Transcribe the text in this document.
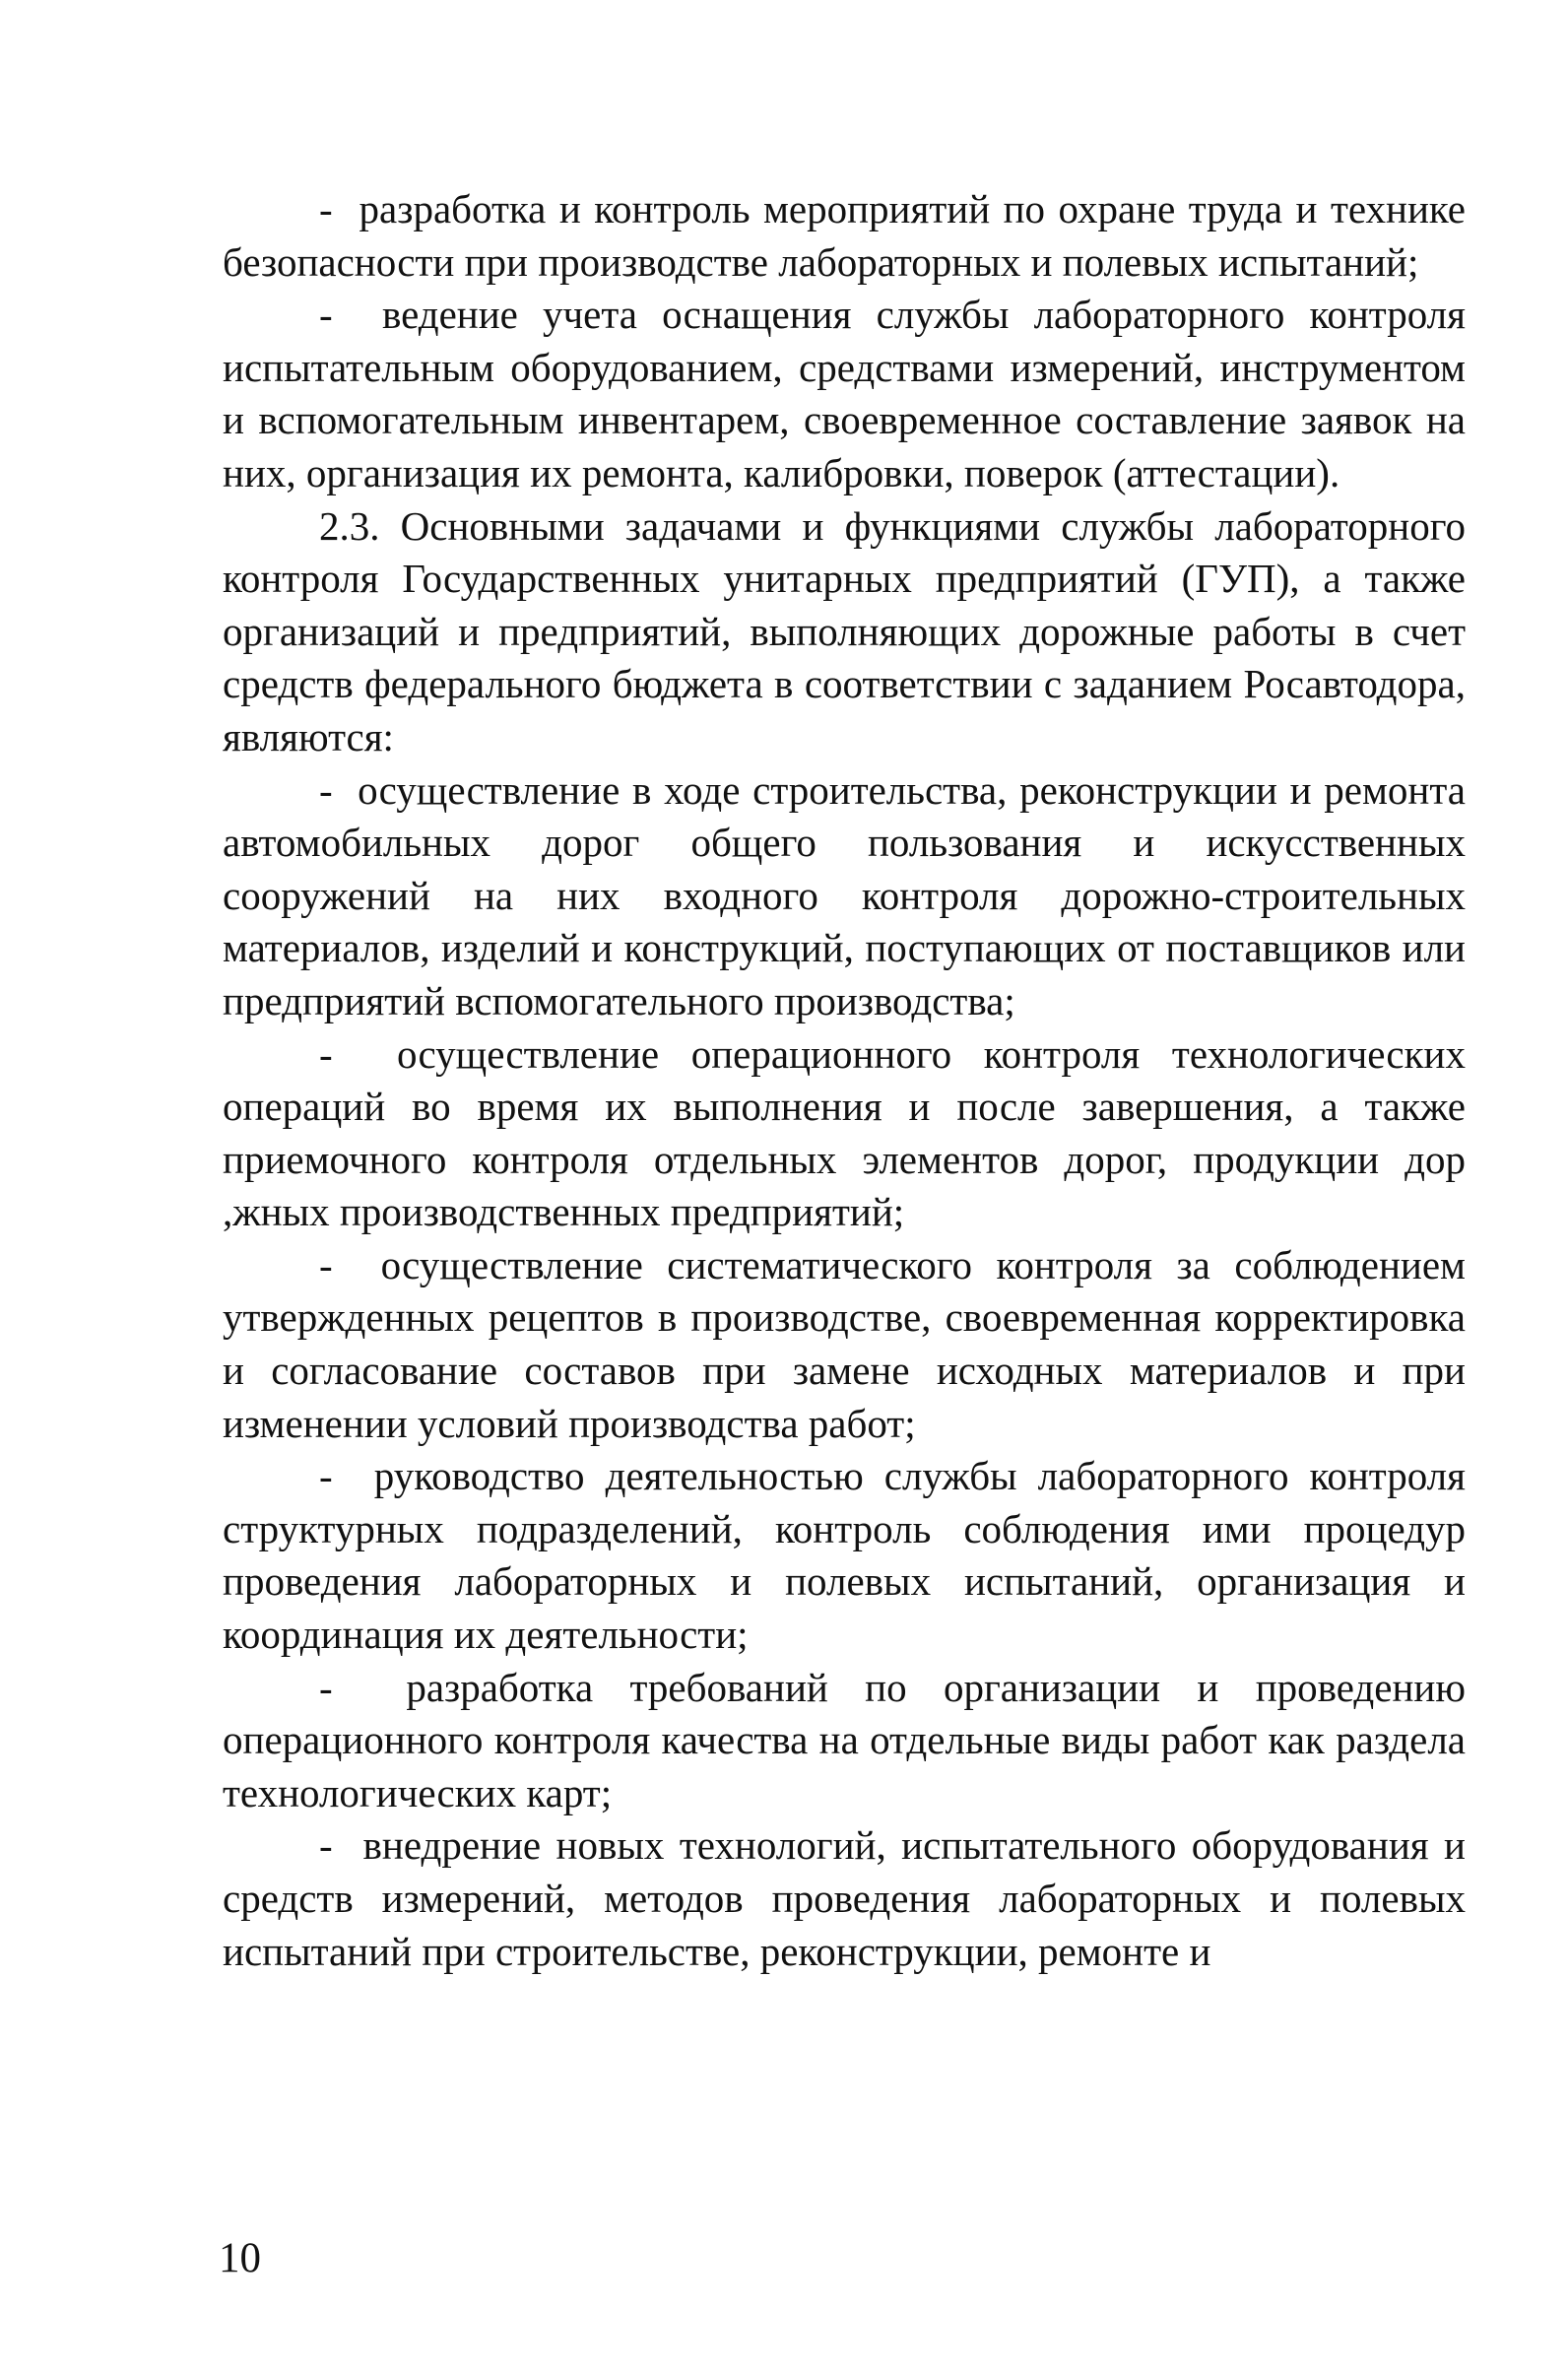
-  разработка и контроль мероприятий по охране труда и технике безопасности при производстве лабораторных и полевых испытаний;

-  ведение учета оснащения службы лабораторного контроля испытательным оборудованием, средствами измерений, инструментом и вспомогательным инвентарем, своевременное составление заявок на них, организация их ремонта, калибровки, поверок (аттестации).

2.3. Основными задачами и функциями службы лабораторного контроля Государственных унитарных предприятий (ГУП), а также организаций и предприятий, выполняющих дорожные работы в счет средств федерального бюджета в соответствии с заданием Росавтодора, являются:

-  осуществление в ходе строительства, реконструкции и ремонта автомобильных дорог общего пользования и искусственных сооружений на них входного контроля дорожно-строительных материалов, изделий и конструкций, поступающих от поставщиков или предприятий вспомогательного производства;

-  осуществление операционного контроля технологических операций во время их выполнения и после завершения, а также приемочного контроля отдельных элементов дорог, продукции дор ,жных производственных предприятий;

-  осуществление систематического контроля за соблюдением утвержденных рецептов в производстве, своевременная корректировка и согласование составов при замене исходных материалов и при изменении условий производства работ;

-  руководство деятельностью службы лабораторного контроля структурных подразделений, контроль соблюдения ими процедур проведения лабораторных и полевых испытаний, организация и координация их деятельности;

-  разработка требований по организации и проведению операционного контроля качества на отдельные виды работ как раздела технологических карт;

-  внедрение новых технологий, испытательного оборудования и средств измерений, методов проведения лабораторных и полевых испытаний при строительстве, реконструкции, ремонте и

10
